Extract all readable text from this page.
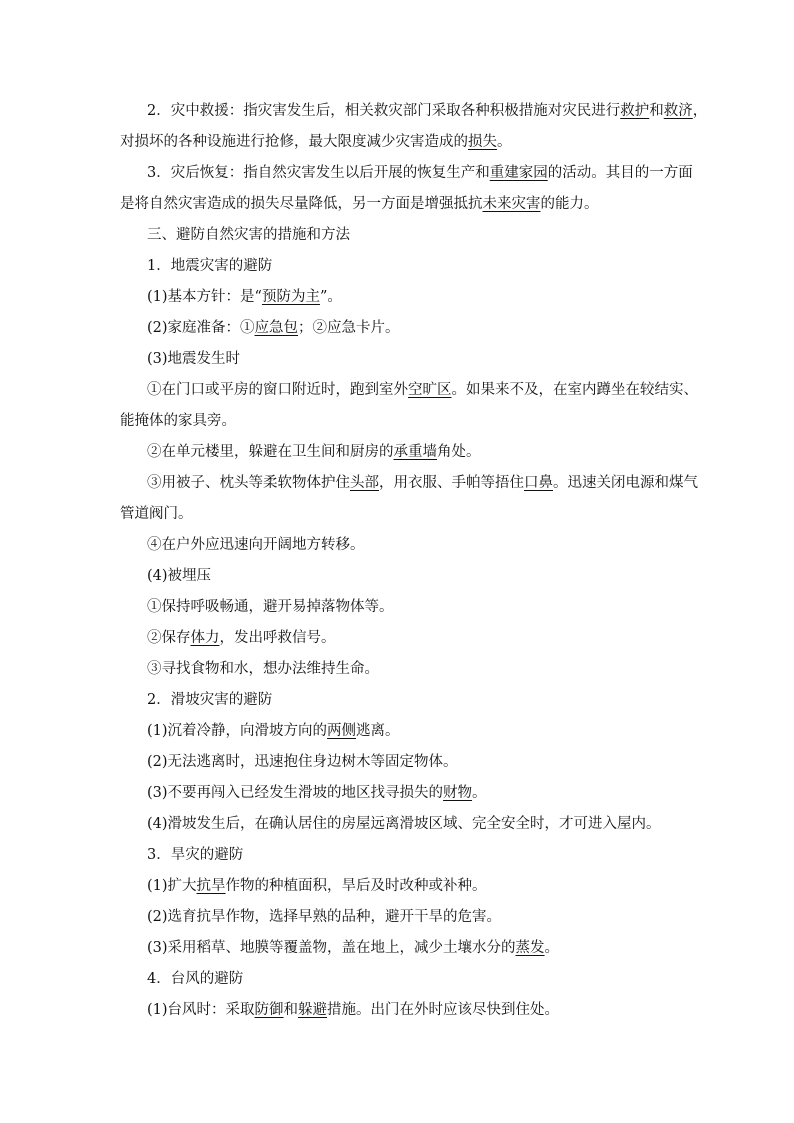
2．灾中救援：指灾害发生后，相关救灾部门采取各种积极措施对灾民进行救护和救济，
对损坏的各种设施进行抢修，最大限度减少灾害造成的损失。
3．灾后恢复：指自然灾害发生以后开展的恢复生产和重建家园的活动。其目的一方面
是将自然灾害造成的损失尽量降低，另一方面是增强抵抗未来灾害的能力。
三、避防自然灾害的措施和方法
1．地震灾害的避防
(1)基本方针：是“预防为主”。
(2)家庭准备：①应急包；②应急卡片。
(3)地震发生时
①在门口或平房的窗口附近时，跑到室外空旷区。如果来不及，在室内蹲坐在较结实、
能掩体的家具旁。
②在单元楼里，躲避在卫生间和厨房的承重墙角处。
③用被子、枕头等柔软物体护住头部，用衣服、手帕等捂住口鼻。迅速关闭电源和煤气
管道阀门。
④在户外应迅速向开阔地方转移。
(4)被埋压
①保持呼吸畅通，避开易掉落物体等。
②保存体力，发出呼救信号。
③寻找食物和水，想办法维持生命。
2．滑坡灾害的避防
(1)沉着冷静，向滑坡方向的两侧逃离。
(2)无法逃离时，迅速抱住身边树木等固定物体。
(3)不要再闯入已经发生滑坡的地区找寻损失的财物。
(4)滑坡发生后，在确认居住的房屋远离滑坡区域、完全安全时，才可进入屋内。
3．旱灾的避防
(1)扩大抗旱作物的种植面积，旱后及时改种或补种。
(2)选育抗旱作物，选择早熟的品种，避开干旱的危害。
(3)采用稻草、地膜等覆盖物，盖在地上，减少土壤水分的蒸发。
4．台风的避防
(1)台风时：采取防御和躲避措施。出门在外时应该尽快到住处。
